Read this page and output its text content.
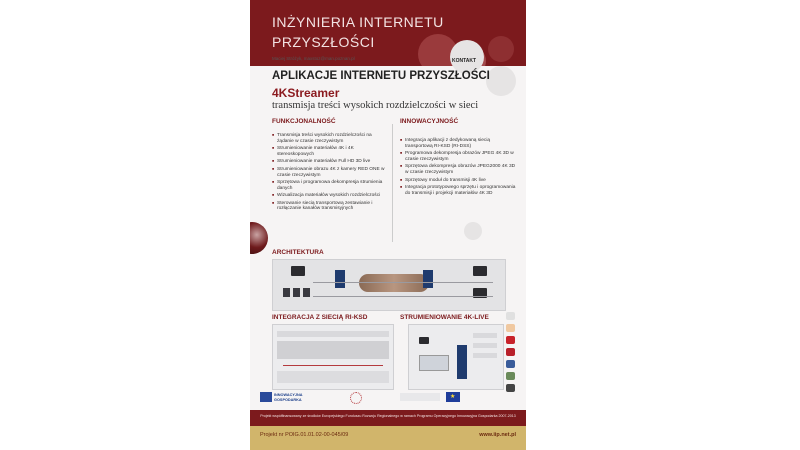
INŻYNIERIA INTERNETU
PRZYSZŁOŚCI
Maciej Stróżyk, maxstoz@man.poznan.pl	KONTAKT
APLIKACJE INTERNETU PRZYSZŁOŚCI
4KStreamer
transmisja treści wysokich rozdzielczości w sieci
FUNKCJONALNOŚĆ
■ Transmisja treści wysokich rozdzielczości na żądanie w czasie rzeczywistym
■ Strumieniowanie materiałów 4K i 4K stereoskopowych
■ Strumieniowanie materiałów Full HD 3D live
■ Strumieniowanie obrazu 4K z kamery RED ONE w czasie rzeczywistym
■ Sprzętowa i programowa dekompresja strumienia danych
■ Wizualizacja materiałów wysokich rozdzielczości
■ Sterowanie siecią transportową zestawianie i rozłączanie kanałów transmisyjnych
INNOWACYJNOŚĆ
■ Integracja aplikacji z dedykowaną siecią transportową RI-KSD (RI-DSS)
■ Programowa dekompresja obrazów JPEG 4K 3D w czasie rzeczywistym
■ Sprzętowa dekompresja obrazów JPEG2000 4K 3D w czasie rzeczywistym
■ Sprzętowy moduł do transmisji 4K live
■ Integracja prototypowego sprzętu i oprogramowania do transmisji i projekcji materiałów 4K 3D
ARCHITEKTURA
INTEGRACJA Z SIECIĄ RI-KSD	STRUMIENIOWANIE 4K-LIVE
INNOWACYJNA
GOSPODARKA	★
Projekt współfinansowany ze środków Europejskiego Funduszu Rozwoju Regionalnego w ramach Programu Operacyjnego Innowacyjna Gospodarka 2007-2013
Projekt nr POIG.01.01.02-00-045/09	www.iip.net.pl
